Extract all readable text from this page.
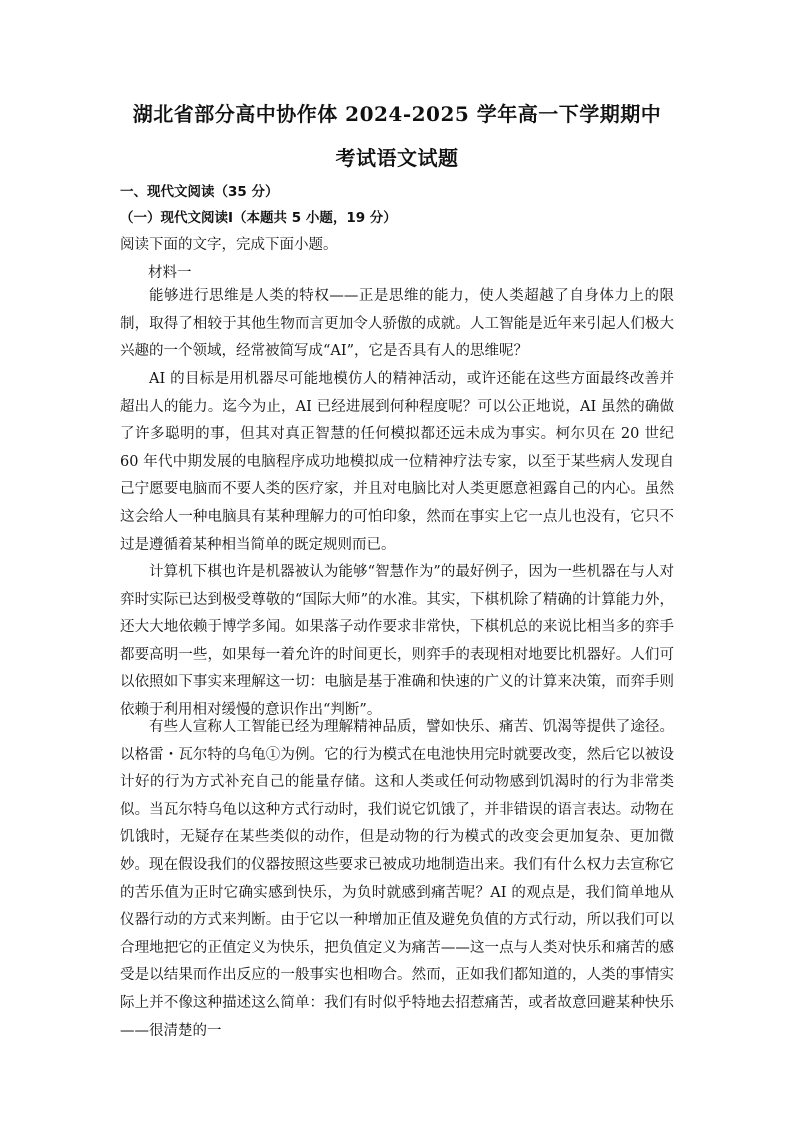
湖北省部分高中协作体 2024-2025 学年高一下学期期中
考试语文试题
一、现代文阅读（35 分）
（一）现代文阅读Ⅰ（本题共 5 小题，19 分）
阅读下面的文字，完成下面小题。
材料一

能够进行思维是人类的特权——正是思维的能力，使人类超越了自身体力上的限制，取得了相较于其他生物而言更加令人骄傲的成就。人工智能是近年来引起人们极大兴趣的一个领域，经常被简写成“AI”，它是否具有人的思维呢？

AI 的目标是用机器尽可能地模仿人的精神活动，或许还能在这些方面最终改善并超出人的能力。迄今为止，AI 已经进展到何种程度呢？可以公正地说，AI 虽然的确做了许多聪明的事，但其对真正智慧的任何模拟都还远未成为事实。柯尔贝在 20 世纪 60 年代中期发展的电脑程序成功地模拟成一位精神疗法专家，以至于某些病人发现自己宁愿要电脑而不要人类的医疗家，并且对电脑比对人类更愿意袒露自己的内心。虽然这会给人一种电脑具有某种理解力的可怕印象，然而在事实上它一点儿也没有，它只不过是遵循着某种相当简单的既定规则而已。

计算机下棋也许是机器被认为能够“智慧作为”的最好例子，因为一些机器在与人对弈时实际已达到极受尊敬的“国际大师”的水准。其实，下棋机除了精确的计算能力外，还大大地依赖于博学多闻。如果落子动作要求非常快，下棋机总的来说比相当多的弈手都要高明一些，如果每一着允许的时间更长，则弈手的表现相对地要比机器好。人们可以依照如下事实来理解这一切：电脑是基于准确和快速的广义的计算来决策，而弈手则依赖于利用相对缓慢的意识作出“判断”。

有些人宣称人工智能已经为理解精神品质，譬如快乐、痛苦、饥渴等提供了途径。以格雷・瓦尔特的乌龟①为例。它的行为模式在电池快用完时就要改变，然后它以被设计好的行为方式补充自己的能量存储。这和人类或任何动物感到饥渴时的行为非常类似。当瓦尔特乌龟以这种方式行动时，我们说它饥饿了，并非错误的语言表达。动物在饥饿时，无疑存在某些类似的动作，但是动物的行为模式的改变会更加复杂、更加微妙。 现在假设我们的仪器按照这些要求已被成功地制造出来。我们有什么权力去宣称它的苦乐值为正时它确实感到快乐，为负时就感到痛苦呢？AI 的观点是，我们简单地从仪器行动的方式来判断。由于它以一种增加正值及避免负值的方式行动，所以我们可以合理地把它的正值定义为快乐，把负值定义为痛苦——这一点与人类对快乐和痛苦的感受是以结果而作出反应的一般事实也相吻合。然而，正如我们都知道的，人类的事情实际上并不像这种描述这么简单：我们有时似乎特地去招惹痛苦，或者故意回避某种快乐——很清楚的一
